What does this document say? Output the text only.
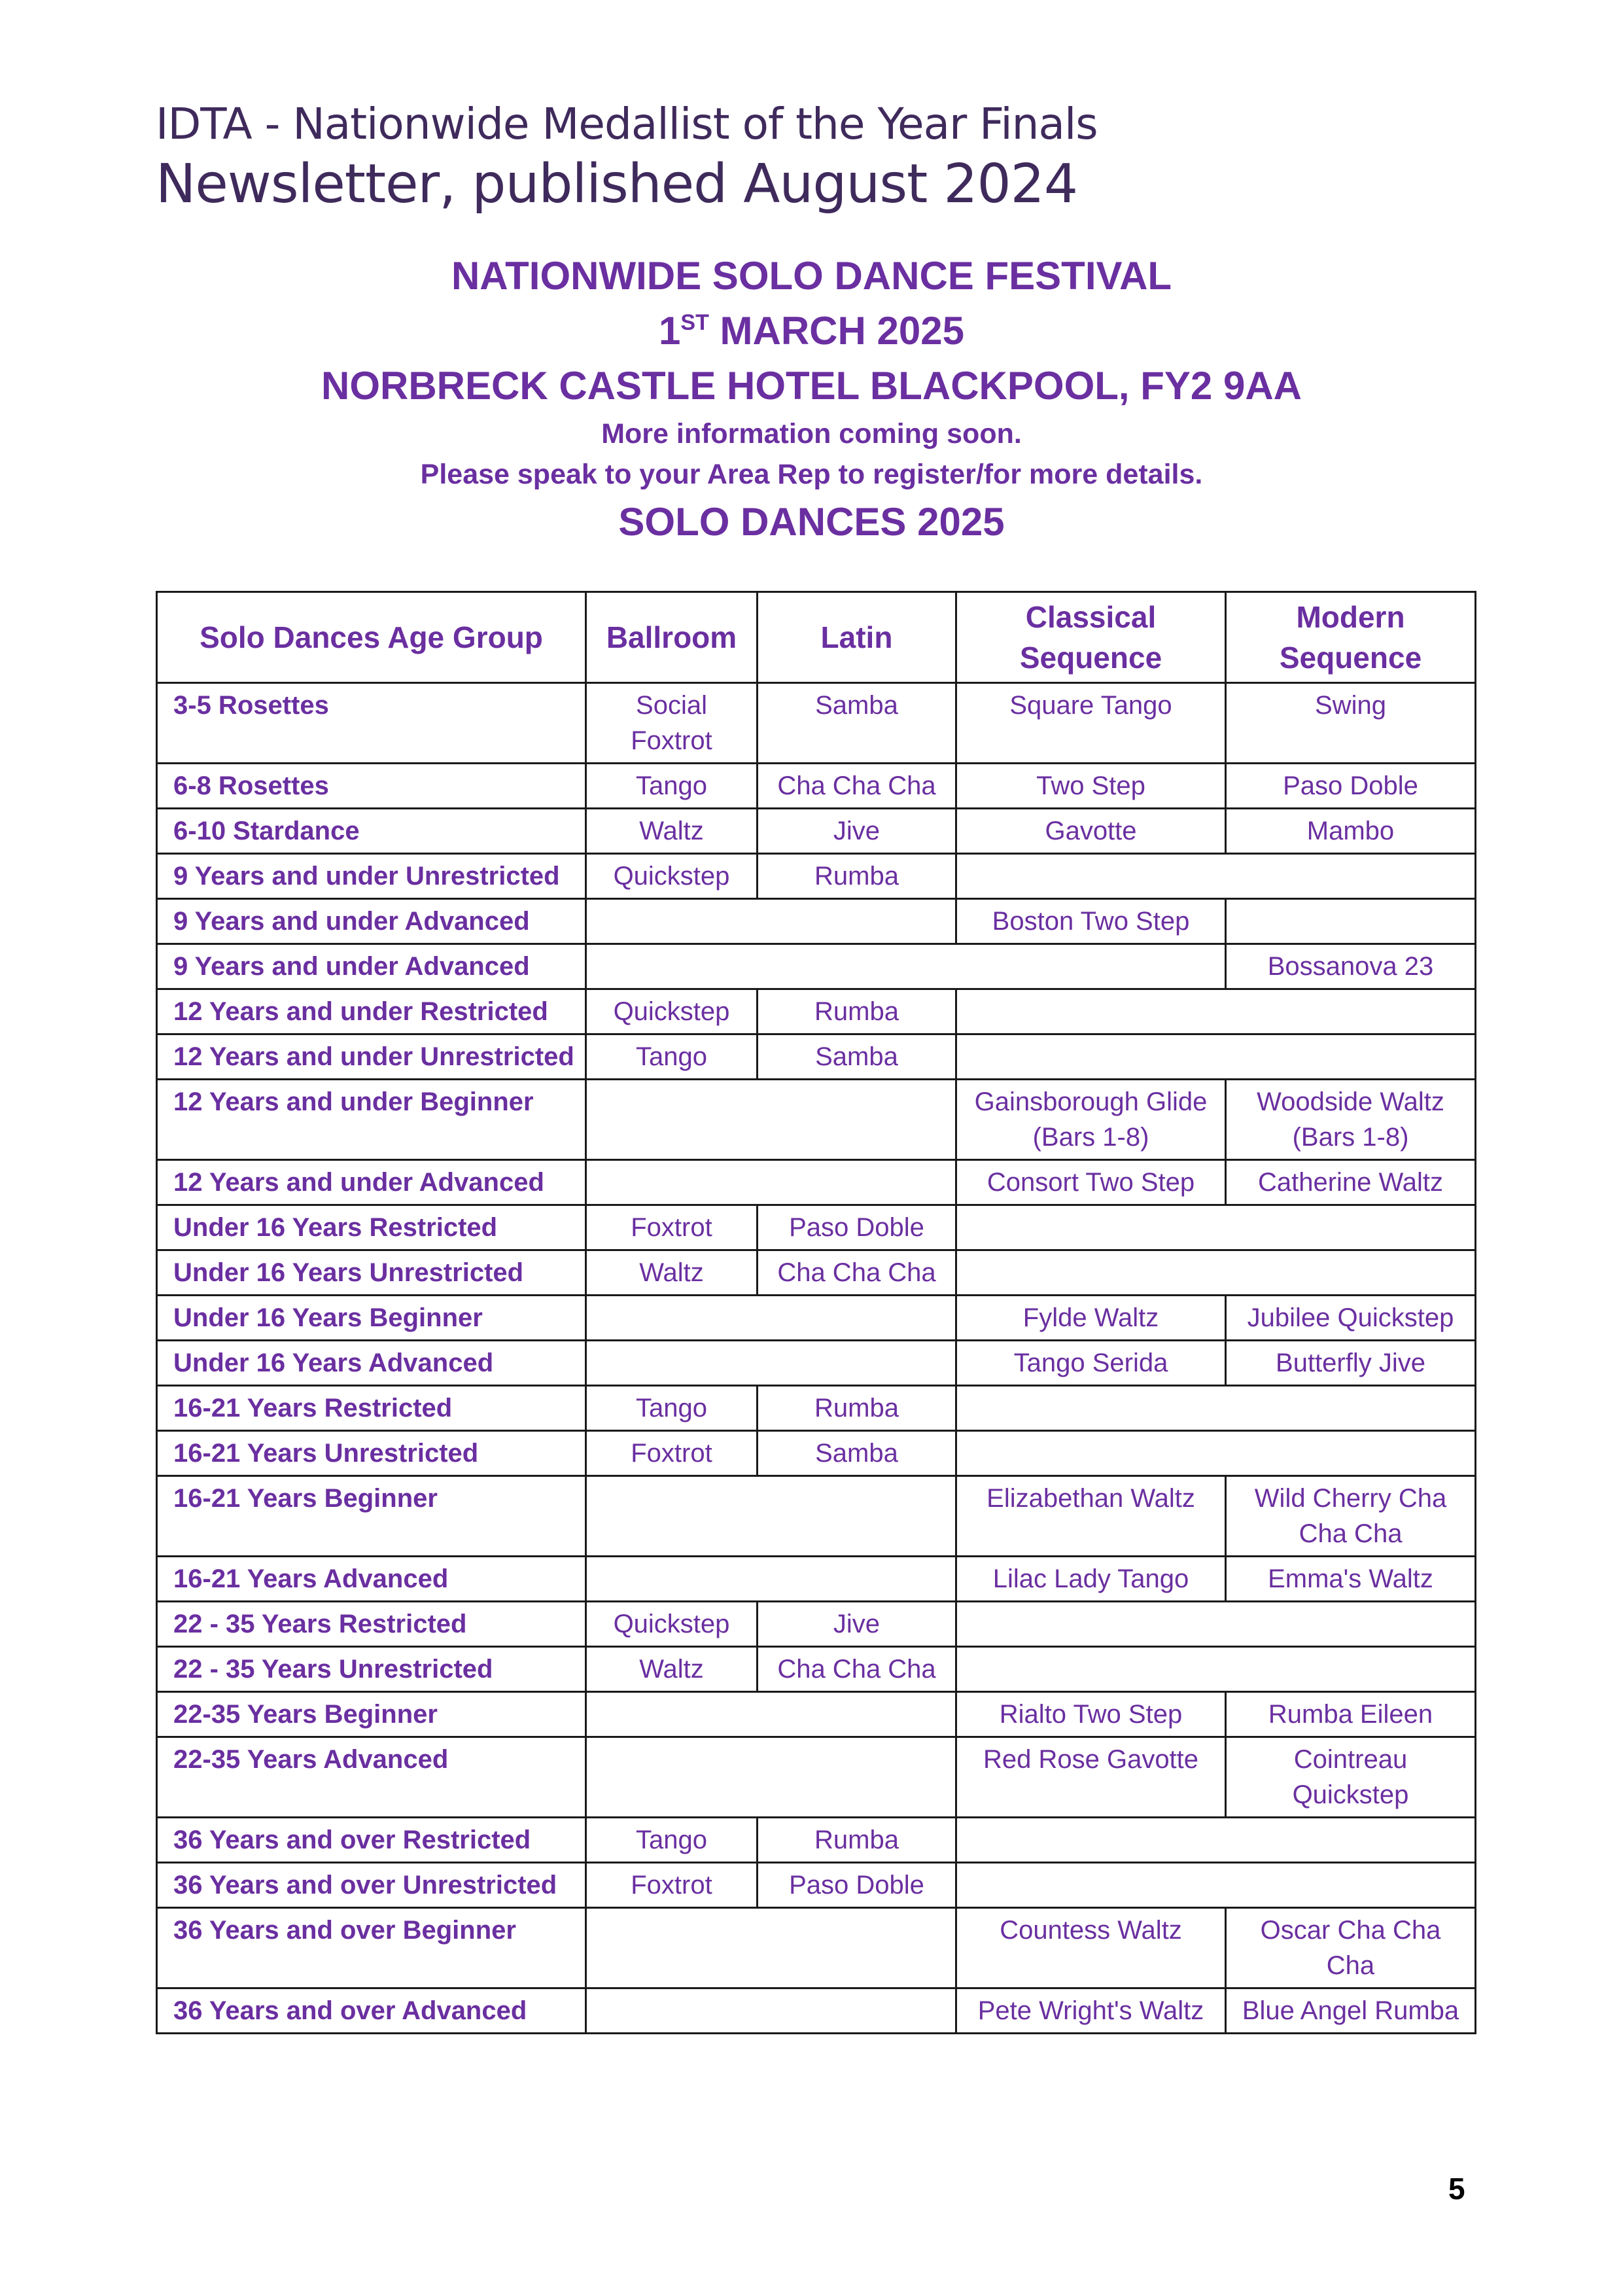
IDTA - Nationwide Medallist of the Year Finals
Newsletter, published August 2024
NATIONWIDE SOLO DANCE FESTIVAL
1ST MARCH 2025
NORBRECK CASTLE HOTEL BLACKPOOL, FY2 9AA
More information coming soon.
Please speak to your Area Rep to register/for more details.
SOLO DANCES 2025
Solo Dances Age Group	Ballroom	Latin	Classical Sequence	Modern Sequence
3-5 Rosettes	Social Foxtrot	Samba	Square Tango	Swing
6-8 Rosettes	Tango	Cha Cha Cha	Two Step	Paso Doble
6-10 Stardance	Waltz	Jive	Gavotte	Mambo
9 Years and under Unrestricted	Quickstep	Rumba		
9 Years and under Advanced			Boston Two Step	
9 Years and under Advanced				Bossanova 23
12 Years and under Restricted	Quickstep	Rumba		
12 Years and under Unrestricted	Tango	Samba		
12 Years and under Beginner			Gainsborough Glide (Bars 1-8)	Woodside Waltz (Bars 1-8)
12 Years and under Advanced			Consort Two Step	Catherine Waltz
Under 16 Years Restricted	Foxtrot	Paso Doble		
Under 16 Years Unrestricted	Waltz	Cha Cha Cha		
Under 16 Years Beginner			Fylde Waltz	Jubilee Quickstep
Under 16 Years Advanced			Tango Serida	Butterfly Jive
16-21 Years Restricted	Tango	Rumba		
16-21 Years Unrestricted	Foxtrot	Samba		
16-21 Years Beginner			Elizabethan Waltz	Wild Cherry Cha Cha Cha
16-21 Years Advanced			Lilac Lady Tango	Emma's Waltz
22 - 35 Years Restricted	Quickstep	Jive		
22 - 35 Years Unrestricted	Waltz	Cha Cha Cha		
22-35 Years Beginner			Rialto Two Step	Rumba Eileen
22-35 Years Advanced			Red Rose Gavotte	Cointreau Quickstep
36 Years and over Restricted	Tango	Rumba		
36 Years and over Unrestricted	Foxtrot	Paso Doble		
36 Years and over Beginner			Countess Waltz	Oscar Cha Cha Cha
36 Years and over Advanced			Pete Wright's Waltz	Blue Angel Rumba
5
